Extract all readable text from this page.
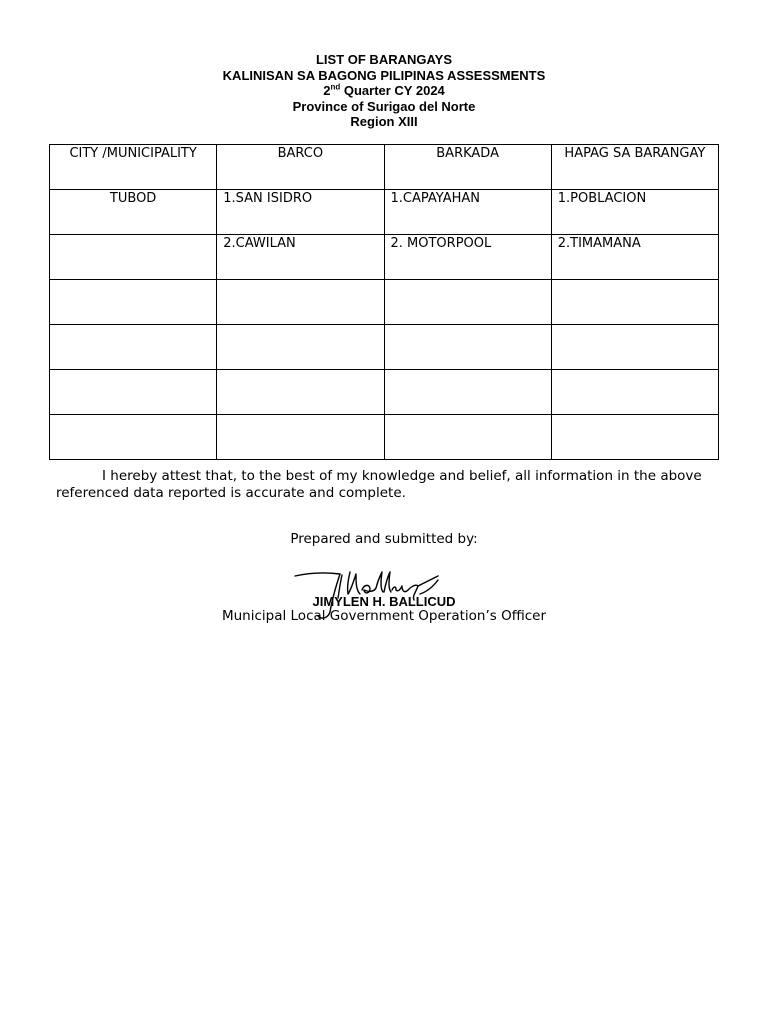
LIST OF BARANGAYS
KALINISAN SA BAGONG PILIPINAS ASSESSMENTS
2nd Quarter CY 2024
Province of Surigao del Norte
Region XIII
CITY /MUNICIPALITY	BARCO	BARKADA	HAPAG SA BARANGAY
TUBOD	1.SAN ISIDRO	1.CAPAYAHAN	1.POBLACION
	2.CAWILAN	2. MOTORPOOL	2.TIMAMANA

I hereby attest that, to the best of my knowledge and belief, all information in the above referenced data reported is accurate and complete.

Prepared and submitted by:
JIMYLEN H. BALLICUD
Municipal Local Government Operation’s Officer
